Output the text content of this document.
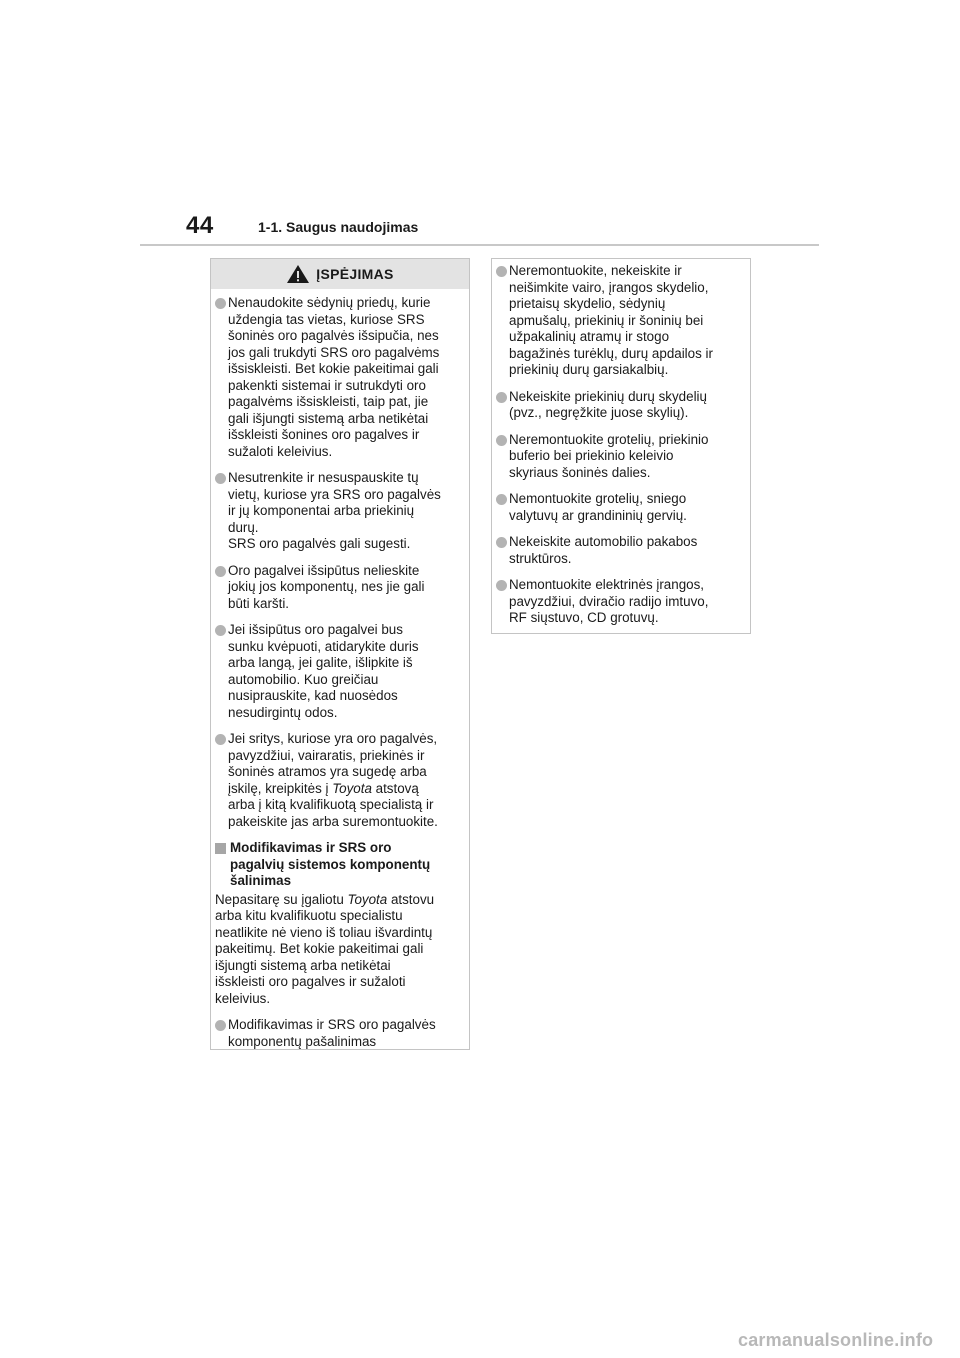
44	1-1. Saugus naudojimas
ĮSPĖJIMAS
Nenaudokite sėdynių priedų, kurie
uždengia tas vietas, kuriose SRS
šoninės oro pagalvės išsipučia, nes
jos gali trukdyti SRS oro pagalvėms
išsiskleisti. Bet kokie pakeitimai gali
pakenkti sistemai ir sutrukdyti oro
pagalvėms išsiskleisti, taip pat, jie
gali išjungti sistemą arba netikėtai
išskleisti šonines oro pagalves ir
sužaloti keleivius.
Nesutrenkite ir nesuspauskite tų
vietų, kuriose yra SRS oro pagalvės
ir jų komponentai arba priekinių
durų.
SRS oro pagalvės gali sugesti.
Oro pagalvei išsipūtus nelieskite
jokių jos komponentų, nes jie gali
būti karšti.
Jei išsipūtus oro pagalvei bus
sunku kvėpuoti, atidarykite duris
arba langą, jei galite, išlipkite iš
automobilio. Kuo greičiau
nusiprauskite, kad nuosėdos
nesudirgintų odos.
Jei sritys, kuriose yra oro pagalvės,
pavyzdžiui, vairaratis, priekinės ir
šoninės atramos yra sugedę arba
įskilę, kreipkitės į Toyota atstovą
arba į kitą kvalifikuotą specialistą ir
pakeiskite jas arba suremontuokite.
Modifikavimas ir SRS oro
pagalvių sistemos komponentų
šalinimas
Nepasitarę su įgaliotu Toyota atstovu
arba kitu kvalifikuotu specialistu
neatlikite nė vieno iš toliau išvardintų
pakeitimų. Bet kokie pakeitimai gali
išjungti sistemą arba netikėtai
išskleisti oro pagalves ir sužaloti
keleivius.
Modifikavimas ir SRS oro pagalvės
komponentų pašalinimas
Neremontuokite, nekeiskite ir
neišimkite vairo, įrangos skydelio,
prietaisų skydelio, sėdynių
apmušalų, priekinių ir šoninių bei
užpakalinių atramų ir stogo
bagažinės turėklų, durų apdailos ir
priekinių durų garsiakalbių.
Nekeiskite priekinių durų skydelių
(pvz., negręžkite juose skylių).
Neremontuokite grotelių, priekinio
buferio bei priekinio keleivio
skyriaus šoninės dalies.
Nemontuokite grotelių, sniego
valytuvų ar grandininių gervių.
Nekeiskite automobilio pakabos
struktūros.
Nemontuokite elektrinės įrangos,
pavyzdžiui, dviračio radijo imtuvo,
RF siųstuvo, CD grotuvų.
carmanualsonline.info
